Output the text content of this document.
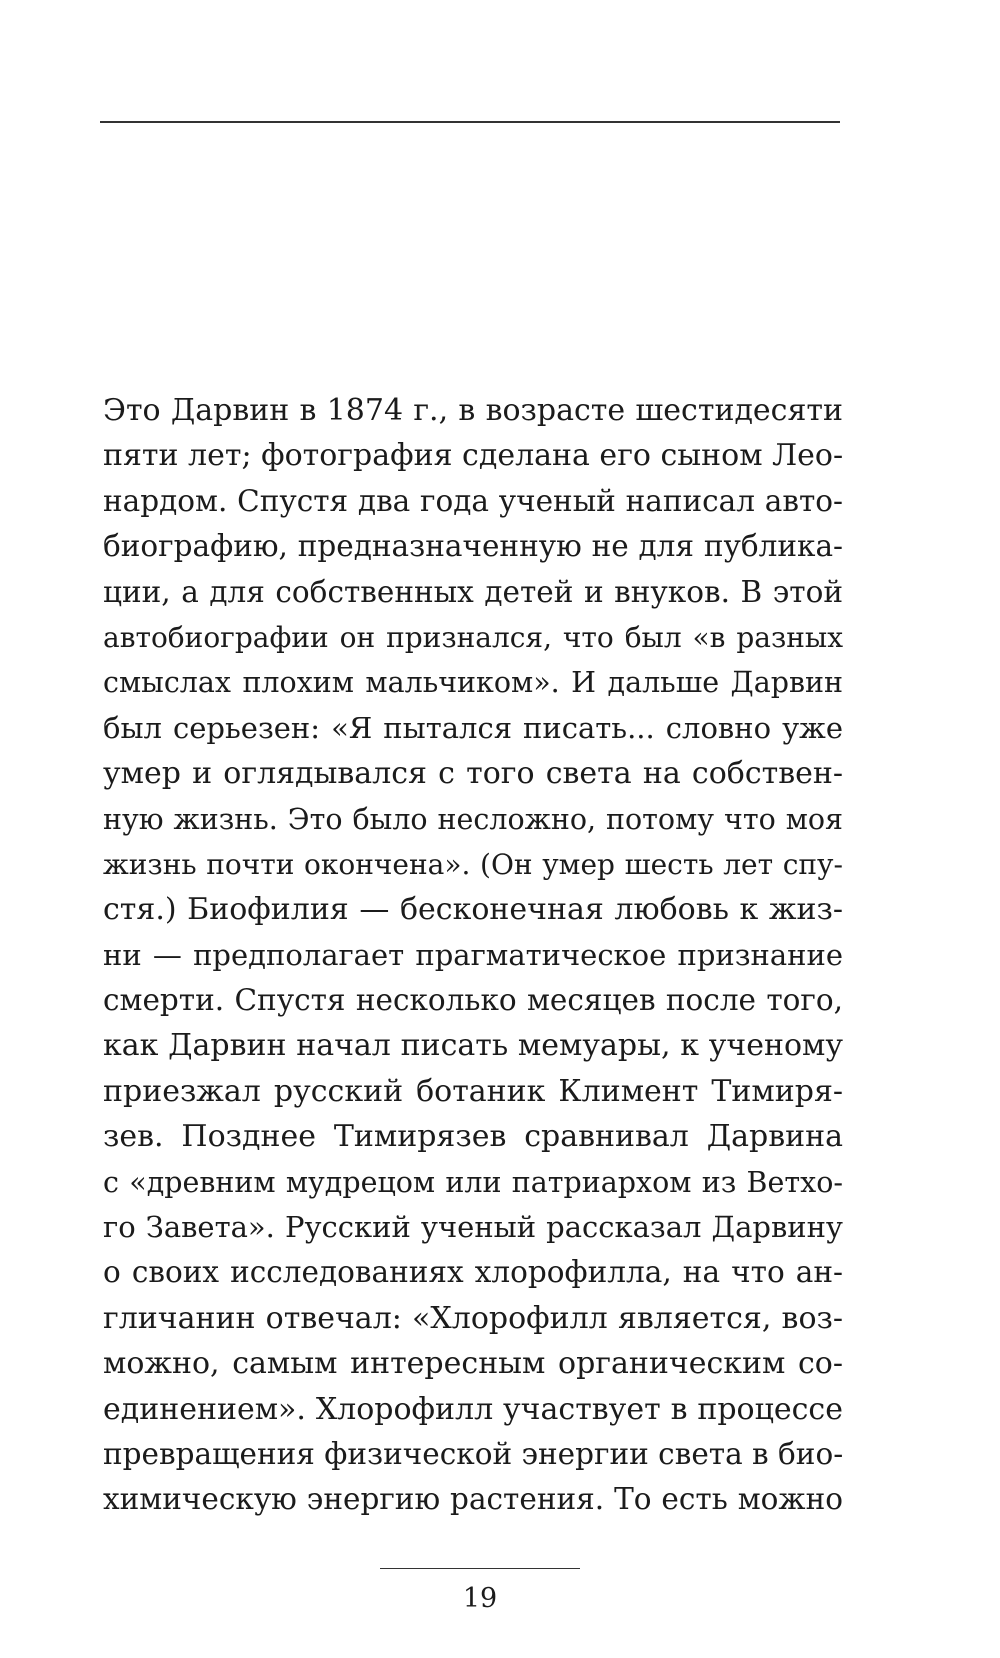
Это Дарвин в 1874 г., в возрасте шестидесяти
пяти лет; фотография сделана его сыном Лео-
нардом. Спустя два года ученый написал авто-
биографию, предназначенную не для публика-
ции, а для собственных детей и внуков. В этой
автобиографии он признался, что был «в разных
смыслах плохим мальчиком». И дальше Дарвин
был серьезен: «Я пытался писать... словно уже
умер и оглядывался с того света на собствен-
ную жизнь. Это было несложно, потому что моя
жизнь почти окончена». (Он умер шесть лет спу-
стя.) Биофилия — бесконечная любовь к жиз-
ни — предполагает прагматическое признание
смерти. Спустя несколько месяцев после того,
как Дарвин начал писать мемуары, к ученому
приезжал русский ботаник Климент Тимиря-
зев. Позднее Тимирязев сравнивал Дарвина
с «древним мудрецом или патриархом из Ветхо-
го Завета». Русский ученый рассказал Дарвину
о своих исследованиях хлорофилла, на что ан-
гличанин отвечал: «Хлорофилл является, воз-
можно, самым интересным органическим со-
единением». Хлорофилл участвует в процессе
превращения физической энергии света в био-
химическую энергию растения. То есть можно
19
